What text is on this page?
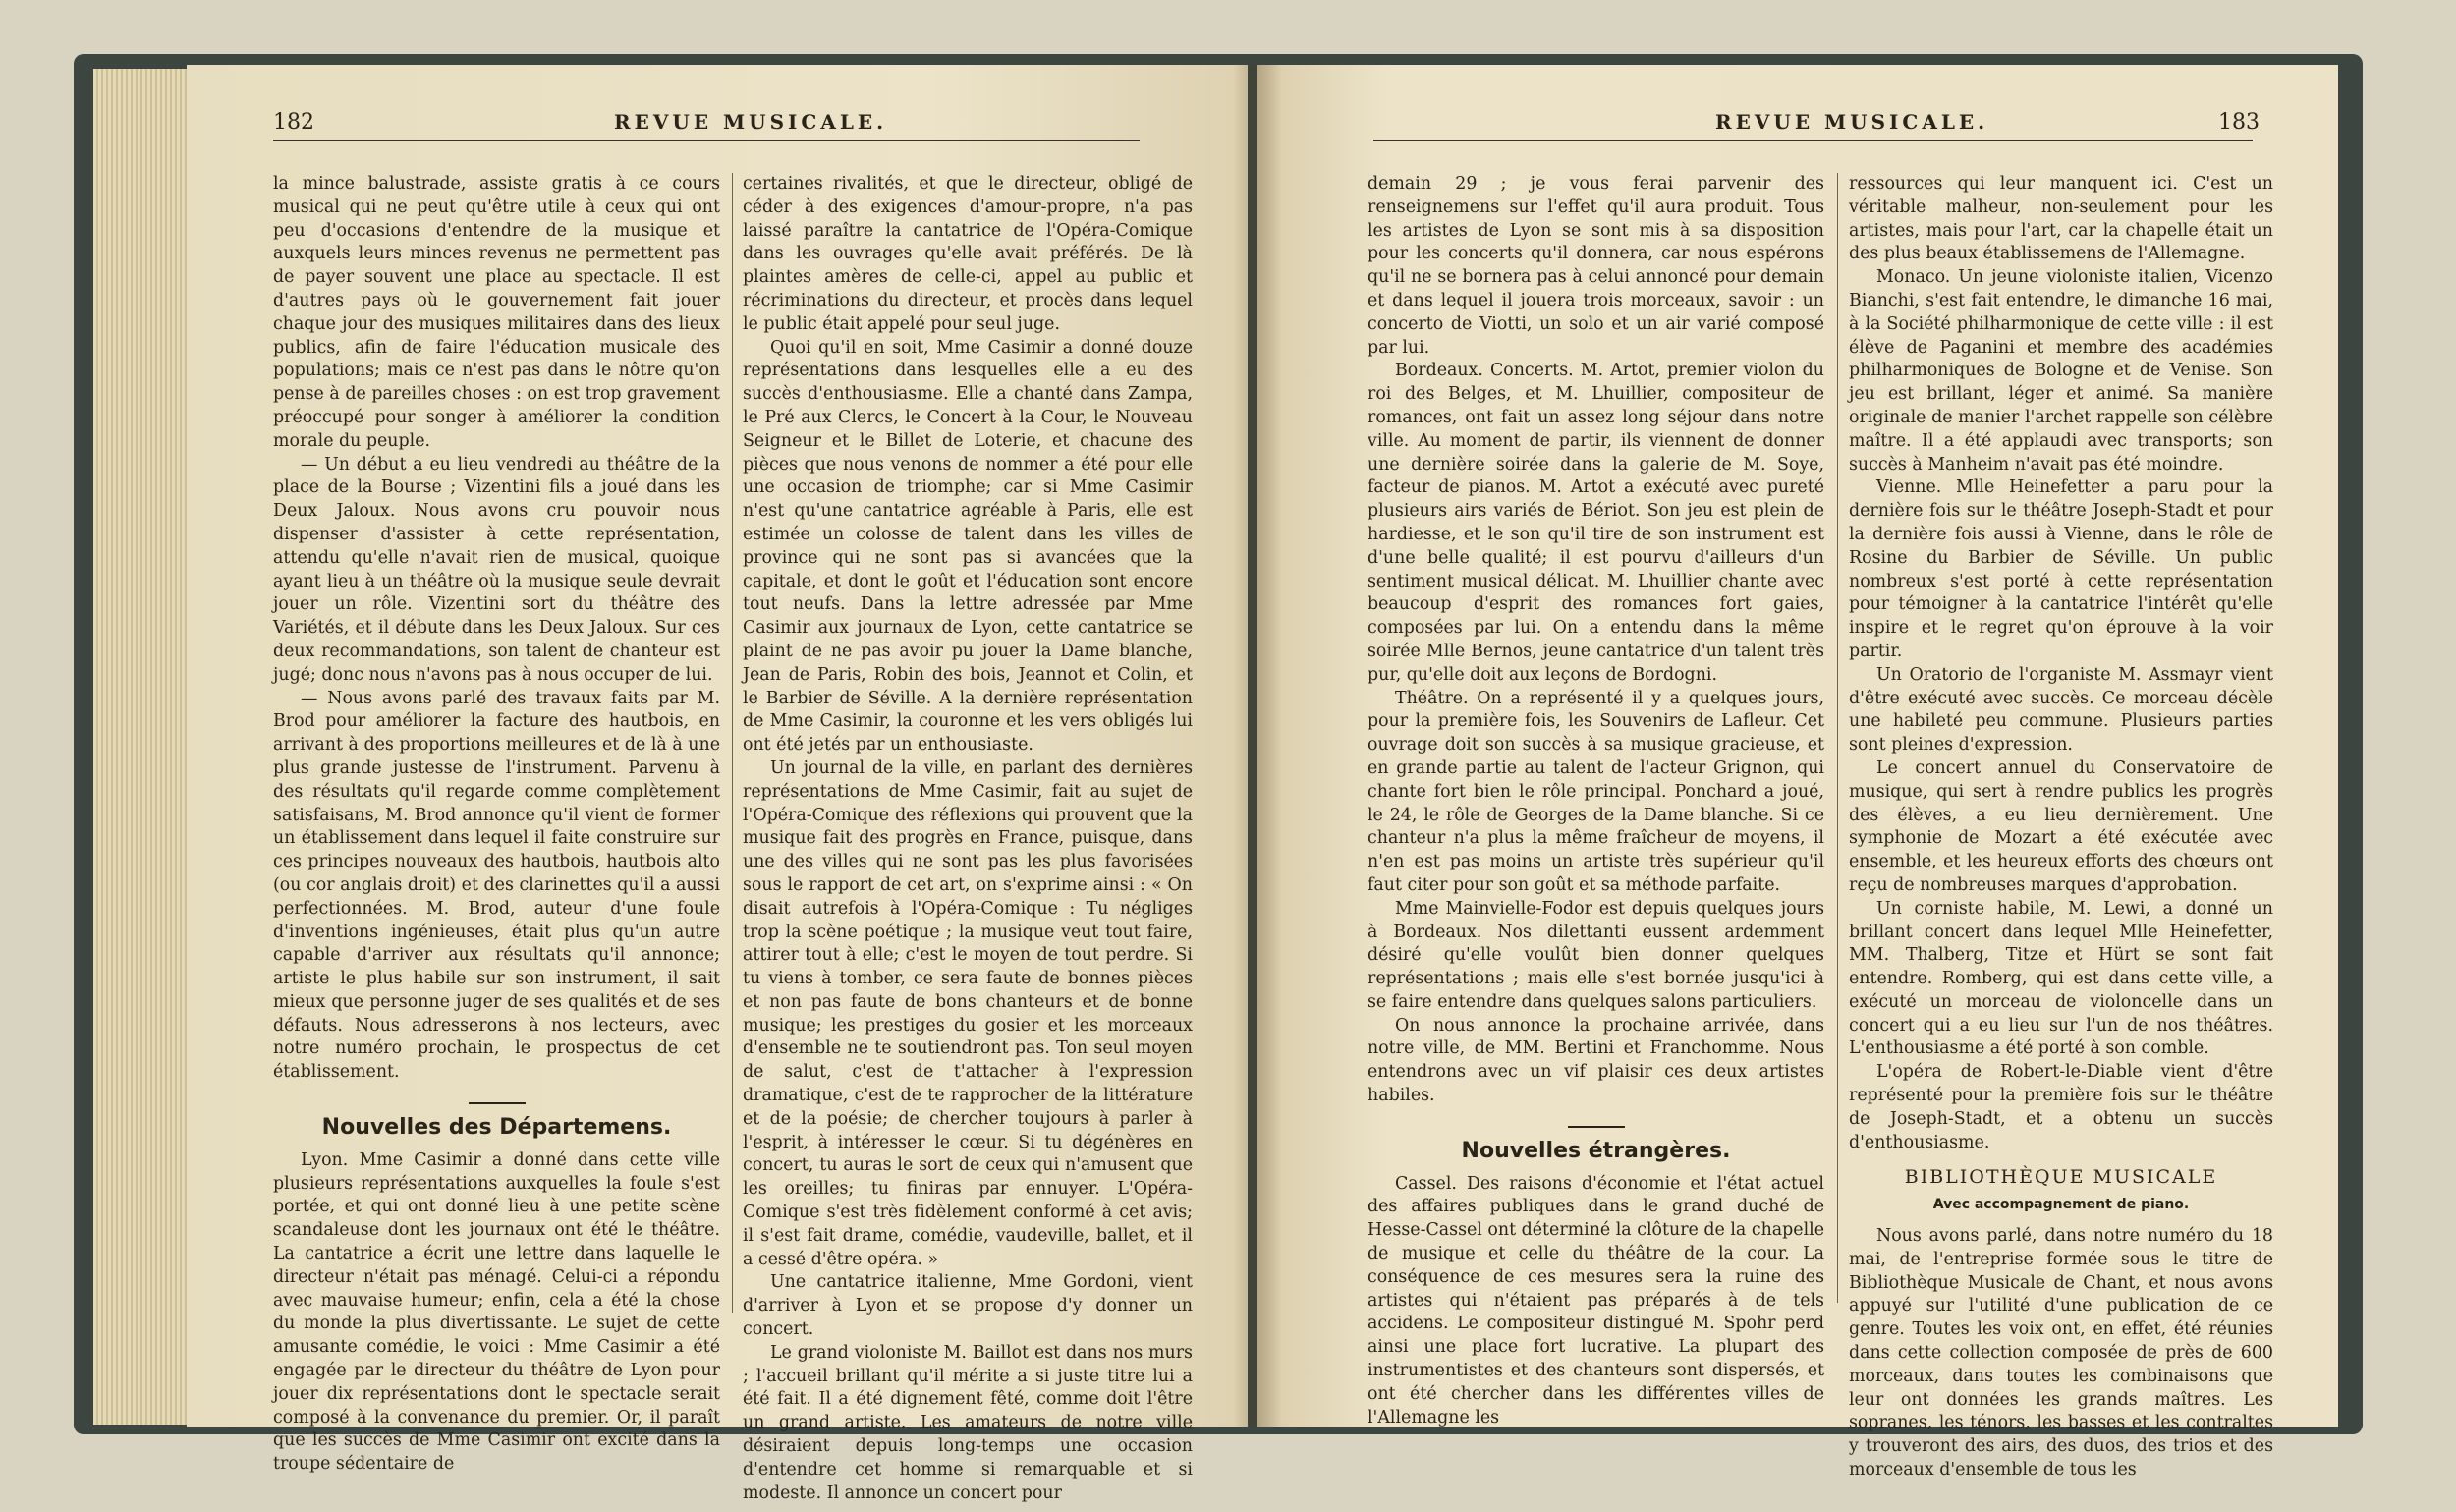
182	REVUE MUSICALE.

la mince balustrade, assiste gratis à ce cours musical qui ne peut qu'être utile à ceux qui ont peu d'occasions d'entendre de la musique et auxquels leurs minces revenus ne permettent pas de payer souvent une place au spectacle. Il est d'autres pays où le gouvernement fait jouer chaque jour des musiques militaires dans des lieux publics, afin de faire l'éducation musicale des populations; mais ce n'est pas dans le nôtre qu'on pense à de pareilles choses : on est trop gravement préoccupé pour songer à améliorer la condition morale du peuple.

— Un début a eu lieu vendredi au théâtre de la place de la Bourse ; Vizentini fils a joué dans les Deux Jaloux. Nous avons cru pouvoir nous dispenser d'assister à cette représentation, attendu qu'elle n'avait rien de musical, quoique ayant lieu à un théâtre où la musique seule devrait jouer un rôle. Vizentini sort du théâtre des Variétés, et il débute dans les Deux Jaloux. Sur ces deux recommandations, son talent de chanteur est jugé; donc nous n'avons pas à nous occuper de lui.

— Nous avons parlé des travaux faits par M. Brod pour améliorer la facture des hautbois, en arrivant à des proportions meilleures et de là à une plus grande justesse de l'instrument. Parvenu à des résultats qu'il regarde comme complètement satisfaisans, M. Brod annonce qu'il vient de former un établissement dans lequel il faite construire sur ces principes nouveaux des hautbois, hautbois alto (ou cor anglais droit) et des clarinettes qu'il a aussi perfectionnées. M. Brod, auteur d'une foule d'inventions ingénieuses, était plus qu'un autre capable d'arriver aux résultats qu'il annonce; artiste le plus habile sur son instrument, il sait mieux que personne juger de ses qualités et de ses défauts. Nous adresserons à nos lecteurs, avec notre numéro prochain, le prospectus de cet établissement.

Nouvelles des Départemens.

Lyon. Mme Casimir a donné dans cette ville plusieurs représentations auxquelles la foule s'est portée, et qui ont donné lieu à une petite scène scandaleuse dont les journaux ont été le théâtre. La cantatrice a écrit une lettre dans laquelle le directeur n'était pas ménagé. Celui-ci a répondu avec mauvaise humeur; enfin, cela a été la chose du monde la plus divertissante. Le sujet de cette amusante comédie, le voici : Mme Casimir a été engagée par le directeur du théâtre de Lyon pour jouer dix représentations dont le spectacle serait composé à la convenance du premier. Or, il paraît que les succès de Mme Casimir ont excité dans la troupe sédentaire de

certaines rivalités, et que le directeur, obligé de céder à des exigences d'amour-propre, n'a pas laissé paraître la cantatrice de l'Opéra-Comique dans les ouvrages qu'elle avait préférés. De là plaintes amères de celle-ci, appel au public et récriminations du directeur, et procès dans lequel le public était appelé pour seul juge.

Quoi qu'il en soit, Mme Casimir a donné douze représentations dans lesquelles elle a eu des succès d'enthousiasme. Elle a chanté dans Zampa, le Pré aux Clercs, le Concert à la Cour, le Nouveau Seigneur et le Billet de Loterie, et chacune des pièces que nous venons de nommer a été pour elle une occasion de triomphe; car si Mme Casimir n'est qu'une cantatrice agréable à Paris, elle est estimée un colosse de talent dans les villes de province qui ne sont pas si avancées que la capitale, et dont le goût et l'éducation sont encore tout neufs. Dans la lettre adressée par Mme Casimir aux journaux de Lyon, cette cantatrice se plaint de ne pas avoir pu jouer la Dame blanche, Jean de Paris, Robin des bois, Jeannot et Colin, et le Barbier de Séville. A la dernière représentation de Mme Casimir, la couronne et les vers obligés lui ont été jetés par un enthousiaste.

Un journal de la ville, en parlant des dernières représentations de Mme Casimir, fait au sujet de l'Opéra-Comique des réflexions qui prouvent que la musique fait des progrès en France, puisque, dans une des villes qui ne sont pas les plus favorisées sous le rapport de cet art, on s'exprime ainsi : « On disait autrefois à l'Opéra-Comique : Tu négliges trop la scène poétique ; la musique veut tout faire, attirer tout à elle; c'est le moyen de tout perdre. Si tu viens à tomber, ce sera faute de bonnes pièces et non pas faute de bons chanteurs et de bonne musique; les prestiges du gosier et les morceaux d'ensemble ne te soutiendront pas. Ton seul moyen de salut, c'est de t'attacher à l'expression dramatique, c'est de te rapprocher de la littérature et de la poésie; de chercher toujours à parler à l'esprit, à intéresser le cœur. Si tu dégénères en concert, tu auras le sort de ceux qui n'amusent que les oreilles; tu finiras par ennuyer. L'Opéra-Comique s'est très fidèlement conformé à cet avis; il s'est fait drame, comédie, vaudeville, ballet, et il a cessé d'être opéra. »

Une cantatrice italienne, Mme Gordoni, vient d'arriver à Lyon et se propose d'y donner un concert.

Le grand violoniste M. Baillot est dans nos murs ; l'accueil brillant qu'il mérite a si juste titre lui a été fait. Il a été dignement fêté, comme doit l'être un grand artiste. Les amateurs de notre ville désiraient depuis long-temps une occasion d'entendre cet homme si remarquable et si modeste. Il annonce un concert pour

REVUE MUSICALE.	183

demain 29 ; je vous ferai parvenir des renseignemens sur l'effet qu'il aura produit. Tous les artistes de Lyon se sont mis à sa disposition pour les concerts qu'il donnera, car nous espérons qu'il ne se bornera pas à celui annoncé pour demain et dans lequel il jouera trois morceaux, savoir : un concerto de Viotti, un solo et un air varié composé par lui.

Bordeaux. Concerts. M. Artot, premier violon du roi des Belges, et M. Lhuillier, compositeur de romances, ont fait un assez long séjour dans notre ville. Au moment de partir, ils viennent de donner une dernière soirée dans la galerie de M. Soye, facteur de pianos. M. Artot a exécuté avec pureté plusieurs airs variés de Bériot. Son jeu est plein de hardiesse, et le son qu'il tire de son instrument est d'une belle qualité; il est pourvu d'ailleurs d'un sentiment musical délicat. M. Lhuillier chante avec beaucoup d'esprit des romances fort gaies, composées par lui. On a entendu dans la même soirée Mlle Bernos, jeune cantatrice d'un talent très pur, qu'elle doit aux leçons de Bordogni.

Théâtre. On a représenté il y a quelques jours, pour la première fois, les Souvenirs de Lafleur. Cet ouvrage doit son succès à sa musique gracieuse, et en grande partie au talent de l'acteur Grignon, qui chante fort bien le rôle principal. Ponchard a joué, le 24, le rôle de Georges de la Dame blanche. Si ce chanteur n'a plus la même fraîcheur de moyens, il n'en est pas moins un artiste très supérieur qu'il faut citer pour son goût et sa méthode parfaite.

Mme Mainvielle-Fodor est depuis quelques jours à Bordeaux. Nos dilettanti eussent ardemment désiré qu'elle voulût bien donner quelques représentations ; mais elle s'est bornée jusqu'ici à se faire entendre dans quelques salons particuliers.

On nous annonce la prochaine arrivée, dans notre ville, de MM. Bertini et Franchomme. Nous entendrons avec un vif plaisir ces deux artistes habiles.

Nouvelles étrangères.

Cassel. Des raisons d'économie et l'état actuel des affaires publiques dans le grand duché de Hesse-Cassel ont déterminé la clôture de la chapelle de musique et celle du théâtre de la cour. La conséquence de ces mesures sera la ruine des artistes qui n'étaient pas préparés à de tels accidens. Le compositeur distingué M. Spohr perd ainsi une place fort lucrative. La plupart des instrumentistes et des chanteurs sont dispersés, et ont été chercher dans les différentes villes de l'Allemagne les

ressources qui leur manquent ici. C'est un véritable malheur, non-seulement pour les artistes, mais pour l'art, car la chapelle était un des plus beaux établissemens de l'Allemagne.

Monaco. Un jeune violoniste italien, Vicenzo Bianchi, s'est fait entendre, le dimanche 16 mai, à la Société philharmonique de cette ville : il est élève de Paganini et membre des académies philharmoniques de Bologne et de Venise. Son jeu est brillant, léger et animé. Sa manière originale de manier l'archet rappelle son célèbre maître. Il a été applaudi avec transports; son succès à Manheim n'avait pas été moindre.

Vienne. Mlle Heinefetter a paru pour la dernière fois sur le théâtre Joseph-Stadt et pour la dernière fois aussi à Vienne, dans le rôle de Rosine du Barbier de Séville. Un public nombreux s'est porté à cette représentation pour témoigner à la cantatrice l'intérêt qu'elle inspire et le regret qu'on éprouve à la voir partir.

Un Oratorio de l'organiste M. Assmayr vient d'être exécuté avec succès. Ce morceau décèle une habileté peu commune. Plusieurs parties sont pleines d'expression.

Le concert annuel du Conservatoire de musique, qui sert à rendre publics les progrès des élèves, a eu lieu dernièrement. Une symphonie de Mozart a été exécutée avec ensemble, et les heureux efforts des chœurs ont reçu de nombreuses marques d'approbation.

Un corniste habile, M. Lewi, a donné un brillant concert dans lequel Mlle Heinefetter, MM. Thalberg, Titze et Hürt se sont fait entendre. Romberg, qui est dans cette ville, a exécuté un morceau de violoncelle dans un concert qui a eu lieu sur l'un de nos théâtres. L'enthousiasme a été porté à son comble.

L'opéra de Robert-le-Diable vient d'être représenté pour la première fois sur le théâtre de Joseph-Stadt, et a obtenu un succès d'enthousiasme.

BIBLIOTHÈQUE MUSICALE
Avec accompagnement de piano.

Nous avons parlé, dans notre numéro du 18 mai, de l'entreprise formée sous le titre de Bibliothèque Musicale de Chant, et nous avons appuyé sur l'utilité d'une publication de ce genre. Toutes les voix ont, en effet, été réunies dans cette collection composée de près de 600 morceaux, dans toutes les combinaisons que leur ont données les grands maîtres. Les sopranes, les ténors, les basses et les contraltes y trouveront des airs, des duos, des trios et des morceaux d'ensemble de tous les
